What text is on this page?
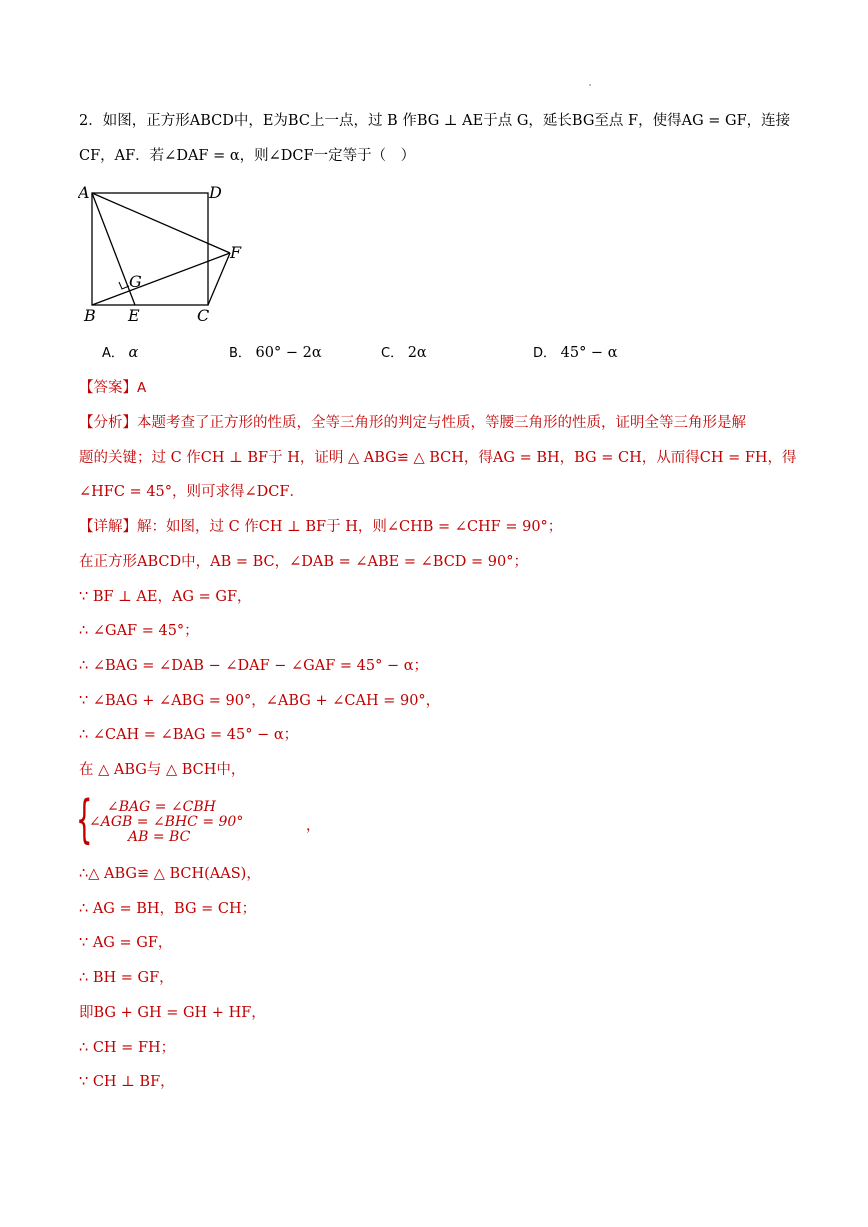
2．如图，正方形ABCD中，E为BC上一点，过 B 作BG ⊥ AE于点 G，延长BG至点 F，使得AG = GF，连接
CF，AF．若∠DAF = α，则∠DCF一定等于（　）
A	D
F
G
B E	C
A． α	B． 60° − 2α	C． 2α	D． 45° − α
【答案】A
【分析】本题考查了正方形的性质，全等三角形的判定与性质，等腰三角形的性质，证明全等三角形是解
题的关键；过 C 作CH ⊥ BF于 H，证明 △ ABG≌ △ BCH，得AG = BH，BG = CH，从而得CH = FH，得
∠HFC = 45°，则可求得∠DCF．
【详解】解：如图，过 C 作CH ⊥ BF于 H，则∠CHB = ∠CHF = 90°；
在正方形ABCD中，AB = BC，∠DAB = ∠ABE = ∠BCD = 90°；
∵ BF ⊥ AE，AG = GF，
∴ ∠GAF = 45°；
∴ ∠BAG = ∠DAB − ∠DAF − ∠GAF = 45° − α；
∵ ∠BAG + ∠ABG = 90°，∠ABG + ∠CAH = 90°，
∴ ∠CAH = ∠BAG = 45° − α；
在 △ ABG与 △ BCH中，
{ ∠BAG = ∠CBH
∠AGB = ∠BHC = 90°
AB = BC
，
∴△ ABG≌ △ BCH(AAS)，
∴ AG = BH，BG = CH；
∵ AG = GF，
∴ BH = GF，
即BG + GH = GH + HF，
∴ CH = FH；
∵ CH ⊥ BF，
